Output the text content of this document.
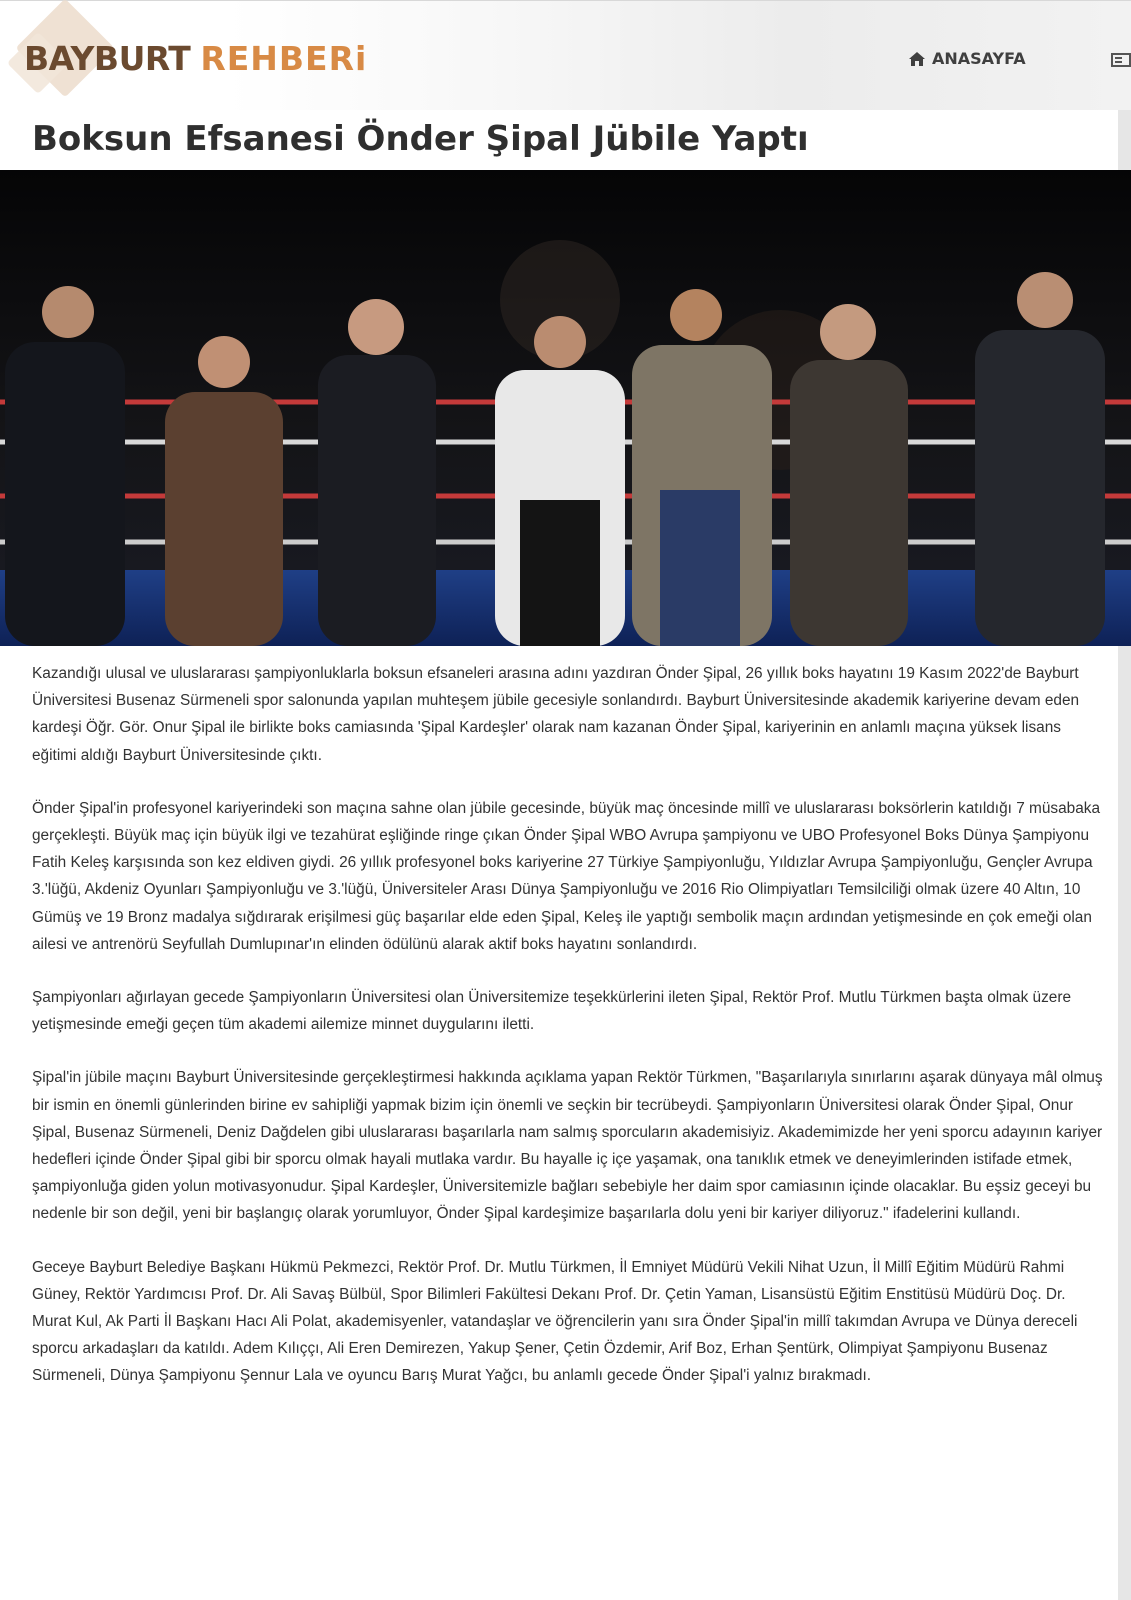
BAYBURT REHBERi	ANASAYFA
Boksun Efsanesi Önder Şipal Jübile Yaptı

Kazandığı ulusal ve uluslararası şampiyonluklarla boksun efsaneleri arasına adını yazdıran Önder Şipal, 26 yıllık boks hayatını 19 Kasım 2022'de Bayburt Üniversitesi Busenaz Sürmeneli spor salonunda yapılan muhteşem jübile gecesiyle sonlandırdı. Bayburt Üniversitesinde akademik kariyerine devam eden kardeşi Öğr. Gör. Onur Şipal ile birlikte boks camiasında 'Şipal Kardeşler' olarak nam kazanan Önder Şipal, kariyerinin en anlamlı maçına yüksek lisans eğitimi aldığı Bayburt Üniversitesinde çıktı.

Önder Şipal'in profesyonel kariyerindeki son maçına sahne olan jübile gecesinde, büyük maç öncesinde millî ve uluslararası boksörlerin katıldığı 7 müsabaka gerçekleşti. Büyük maç için büyük ilgi ve tezahürat eşliğinde ringe çıkan Önder Şipal WBO Avrupa şampiyonu ve UBO Profesyonel Boks Dünya Şampiyonu Fatih Keleş karşısında son kez eldiven giydi. 26 yıllık profesyonel boks kariyerine 27 Türkiye Şampiyonluğu, Yıldızlar Avrupa Şampiyonluğu, Gençler Avrupa 3.'lüğü, Akdeniz Oyunları Şampiyonluğu ve 3.'lüğü, Üniversiteler Arası Dünya Şampiyonluğu ve 2016 Rio Olimpiyatları Temsilciliği olmak üzere 40 Altın, 10 Gümüş ve 19 Bronz madalya sığdırarak erişilmesi güç başarılar elde eden Şipal, Keleş ile yaptığı sembolik maçın ardından yetişmesinde en çok emeği olan ailesi ve antrenörü Seyfullah Dumlupınar'ın elinden ödülünü alarak aktif boks hayatını sonlandırdı.

Şampiyonları ağırlayan gecede Şampiyonların Üniversitesi olan Üniversitemize teşekkürlerini ileten Şipal, Rektör Prof. Mutlu Türkmen başta olmak üzere yetişmesinde emeği geçen tüm akademi ailemize minnet duygularını iletti.

Şipal'in jübile maçını Bayburt Üniversitesinde gerçekleştirmesi hakkında açıklama yapan Rektör Türkmen, "Başarılarıyla sınırlarını aşarak dünyaya mâl olmuş bir ismin en önemli günlerinden birine ev sahipliği yapmak bizim için önemli ve seçkin bir tecrübeydi. Şampiyonların Üniversitesi olarak Önder Şipal, Onur Şipal, Busenaz Sürmeneli, Deniz Dağdelen gibi uluslararası başarılarla nam salmış sporcuların akademisiyiz. Akademimizde her yeni sporcu adayının kariyer hedefleri içinde Önder Şipal gibi bir sporcu olmak hayali mutlaka vardır. Bu hayalle iç içe yaşamak, ona tanıklık etmek ve deneyimlerinden istifade etmek, şampiyonluğa giden yolun motivasyonudur. Şipal Kardeşler, Üniversitemizle bağları sebebiyle her daim spor camiasının içinde olacaklar. Bu eşsiz geceyi bu nedenle bir son değil, yeni bir başlangıç olarak yorumluyor, Önder Şipal kardeşimize başarılarla dolu yeni bir kariyer diliyoruz." ifadelerini kullandı.

Geceye Bayburt Belediye Başkanı Hükmü Pekmezci, Rektör Prof. Dr. Mutlu Türkmen, İl Emniyet Müdürü Vekili Nihat Uzun, İl Millî Eğitim Müdürü Rahmi Güney, Rektör Yardımcısı Prof. Dr. Ali Savaş Bülbül, Spor Bilimleri Fakültesi Dekanı Prof. Dr. Çetin Yaman, Lisansüstü Eğitim Enstitüsü Müdürü Doç. Dr. Murat Kul, Ak Parti İl Başkanı Hacı Ali Polat, akademisyenler, vatandaşlar ve öğrencilerin yanı sıra Önder Şipal'in millî takımdan Avrupa ve Dünya dereceli sporcu arkadaşları da katıldı. Adem Kılıççı, Ali Eren Demirezen, Yakup Şener, Çetin Özdemir, Arif Boz, Erhan Şentürk, Olimpiyat Şampiyonu Busenaz Sürmeneli, Dünya Şampiyonu Şennur Lala ve oyuncu Barış Murat Yağcı, bu anlamlı gecede Önder Şipal'i yalnız bırakmadı.
